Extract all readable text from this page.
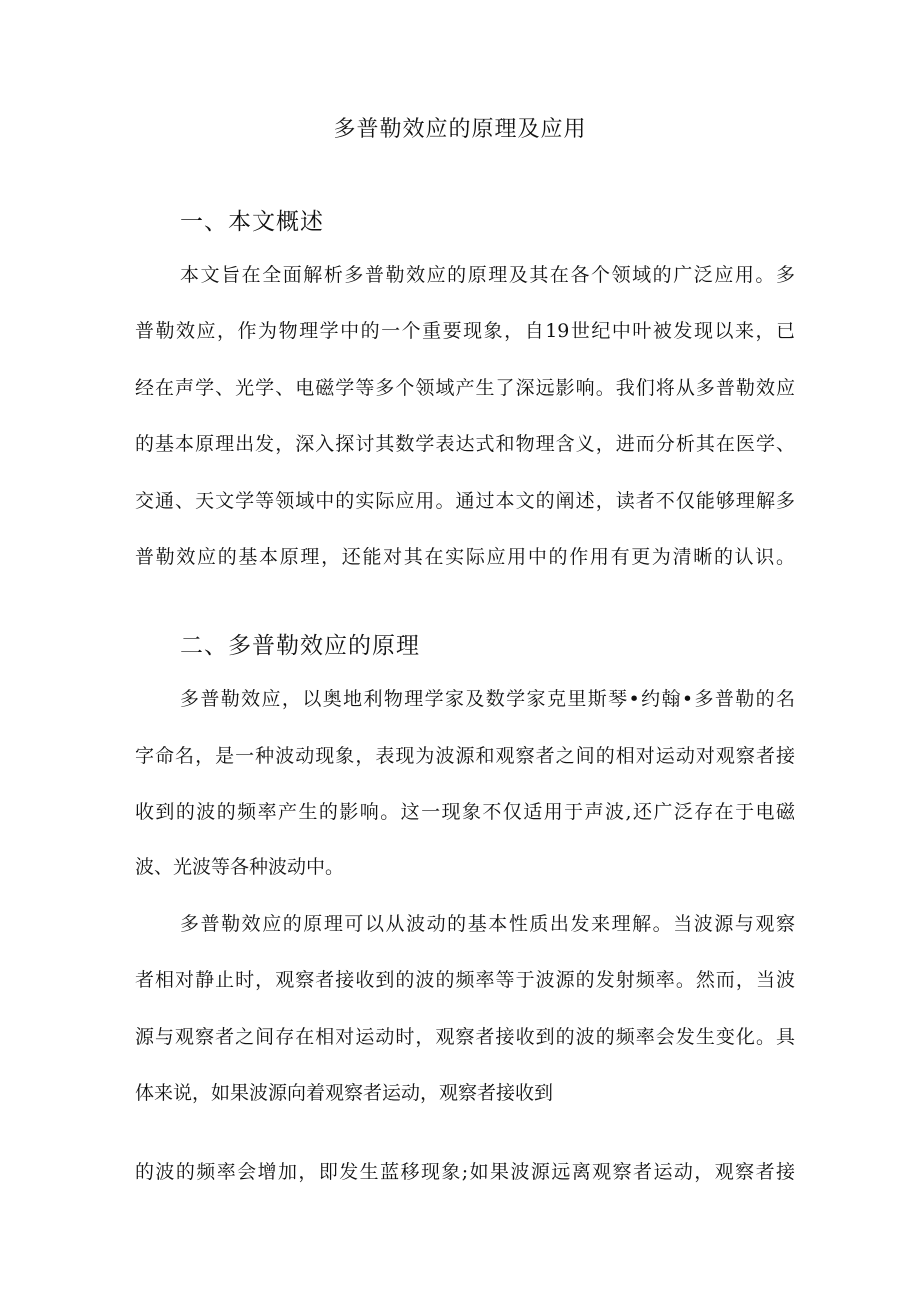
多普勒效应的原理及应用
一、本文概述

本文旨在全面解析多普勒效应的原理及其在各个领域的广泛应用。多

普勒效应，作为物理学中的一个重要现象，自19世纪中叶被发现以来，已

经在声学、光学、电磁学等多个领域产生了深远影响。我们将从多普勒效应

的基本原理出发，深入探讨其数学表达式和物理含义，进而分析其在医学、

交通、天文学等领域中的实际应用。通过本文的阐述，读者不仅能够理解多

普勒效应的基本原理，还能对其在实际应用中的作用有更为清晰的认识。

二、多普勒效应的原理

多普勒效应，以奥地利物理学家及数学家克里斯琴•约翰•多普勒的名

字命名，是一种波动现象，表现为波源和观察者之间的相对运动对观察者接

收到的波的频率产生的影响。这一现象不仅适用于声波,还广泛存在于电磁

波、光波等各种波动中。

多普勒效应的原理可以从波动的基本性质出发来理解。当波源与观察

者相对静止时，观察者接收到的波的频率等于波源的发射频率。然而，当波

源与观察者之间存在相对运动时，观察者接收到的波的频率会发生变化。具

体来说，如果波源向着观察者运动，观察者接收到

的波的频率会增加，即发生蓝移现象;如果波源远离观察者运动，观察者接
